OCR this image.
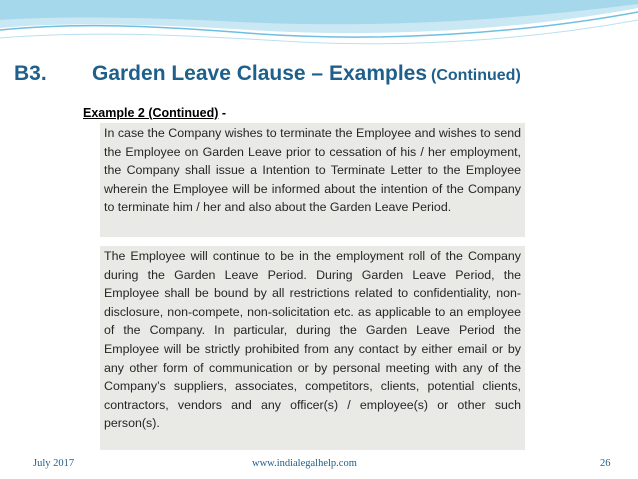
B3. Garden Leave Clause – Examples (Continued)
Example 2 (Continued) -
In case the Company wishes to terminate the Employee and wishes to send the Employee on Garden Leave prior to cessation of his / her employment, the Company shall issue a Intention to Terminate Letter to the Employee wherein the Employee will be informed about the intention of the Company to terminate him / her and also about the Garden Leave Period.
The Employee will continue to be in the employment roll of the Company during the Garden Leave Period. During Garden Leave Period, the Employee shall be bound by all restrictions related to confidentiality, non-disclosure, non-compete, non-solicitation etc. as applicable to an employee of the Company. In particular, during the Garden Leave Period the Employee will be strictly prohibited from any contact by either email or by any other form of communication or by personal meeting with any of the Company’s suppliers, associates, competitors, clients, potential clients, contractors, vendors and any officer(s) / employee(s) or other such person(s).
July 2017	www.indialegalhelp.com	26
